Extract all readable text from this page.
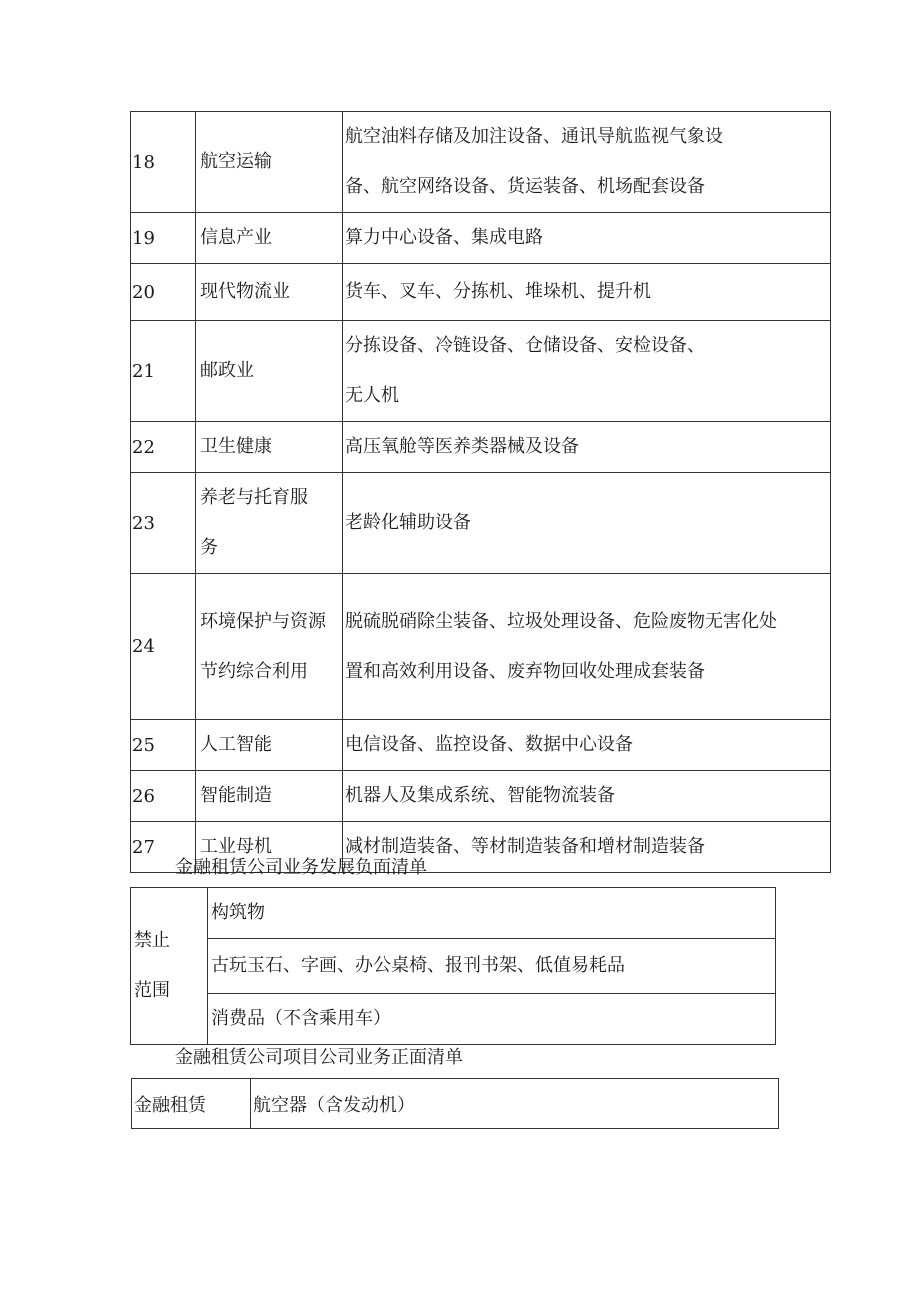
18	航空运输	航空油料存储及加注设备、通讯导航监视气象设
备、航空网络设备、货运装备、机场配套设备

19	信息产业	算力中心设备、集成电路

20	现代物流业	货车、叉车、分拣机、堆垛机、提升机

21	邮政业	分拣设备、冷链设备、仓储设备、安检设备、
无人机

22	卫生健康	高压氧舱等医养类器械及设备

23	养老与托育服
务	老龄化辅助设备

24	环境保护与资源
节约综合利用	脱硫脱硝除尘装备、垃圾处理设备、危险废物无害化处
置和高效利用设备、废弃物回收处理成套装备

25	人工智能	电信设备、监控设备、数据中心设备

26	智能制造	机器人及集成系统、智能物流装备

27	工业母机	减材制造装备、等材制造装备和增材制造装备
金融租赁公司业务发展负面清单
禁止
范围
	构筑物
古玩玉石、字画、办公桌椅、报刊书架、低值易耗品
消费品（不含乘用车）
金融租赁公司项目公司业务正面清单
金融租赁	航空器（含发动机）
